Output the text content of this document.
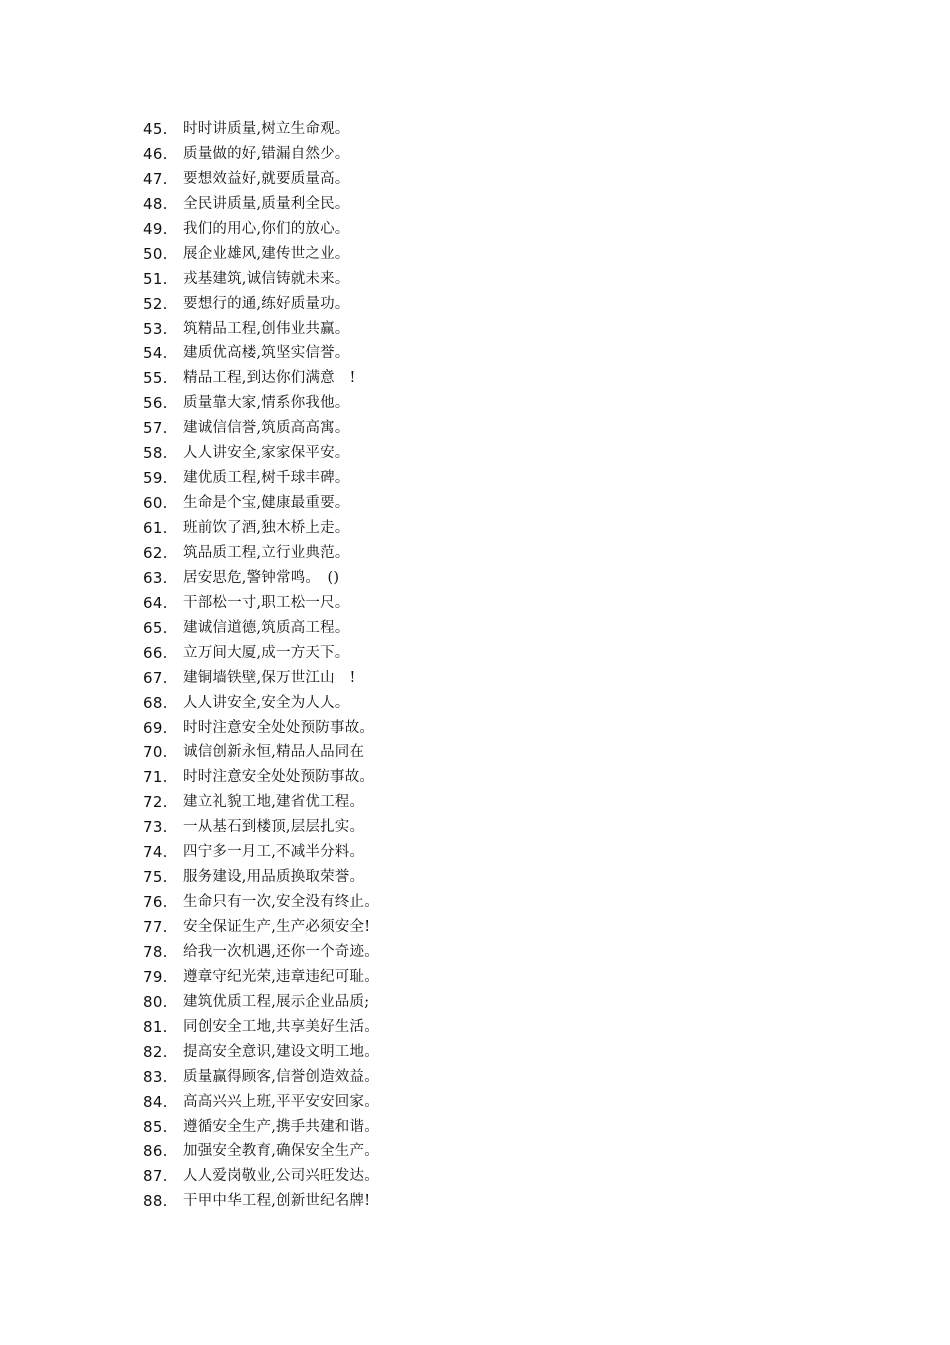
45.	时时讲质量,树立生命观。
46.	质量做的好,错漏自然少。
47.	要想效益好,就要质量高。
48.	全民讲质量,质量利全民。
49.	我们的用心,你们的放心。
50.	展企业雄风,建传世之业。
51.	戎基建筑,诚信铸就未来。
52.	要想行的通,练好质量功。
53.	筑精品工程,创伟业共赢。
54.	建质优高楼,筑坚实信誉。
55.	精品工程,到达你们满意　!
56.	质量靠大家,情系你我他。
57.	建诚信信誉,筑质高高寓。
58.	人人讲安全,家家保平安。
59.	建优质工程,树千球丰碑。
60.	生命是个宝,健康最重要。
61.	班前饮了酒,独木桥上走。
62.	筑品质工程,立行业典范。
63.	居安思危,警钟常鸣。　()
64.	干部松一寸,职工松一尺。
65.	建诚信道德,筑质高工程。
66.	立万间大厦,成一方天下。
67.	建铜墙铁壁,保万世江山　!
68.	人人讲安全,安全为人人。
69.	时时注意安全处处预防事故。
70.	诚信创新永恒,精品人品同在
71.	时时注意安全处处预防事故。
72.	建立礼貌工地,建省优工程。
73.	一从基石到楼顶,层层扎实。
74.	四宁多一月工,不减半分料。
75.	服务建设,用品质换取荣誉。
76.	生命只有一次,安全没有终止。
77.	安全保证生产,生产必须安全!
78.	给我一次机遇,还你一个奇迹。
79.	遵章守纪光荣,违章违纪可耻。
80.	建筑优质工程,展示企业品质;
81.	同创安全工地,共享美好生活。
82.	提高安全意识,建设文明工地。
83.	质量赢得顾客,信誉创造效益。
84.	高高兴兴上班,平平安安回家。
85.	遵循安全生产,携手共建和谐。
86.	加强安全教育,确保安全生产。
87.	人人爱岗敬业,公司兴旺发达。
88.	干甲中华工程,创新世纪名牌!
